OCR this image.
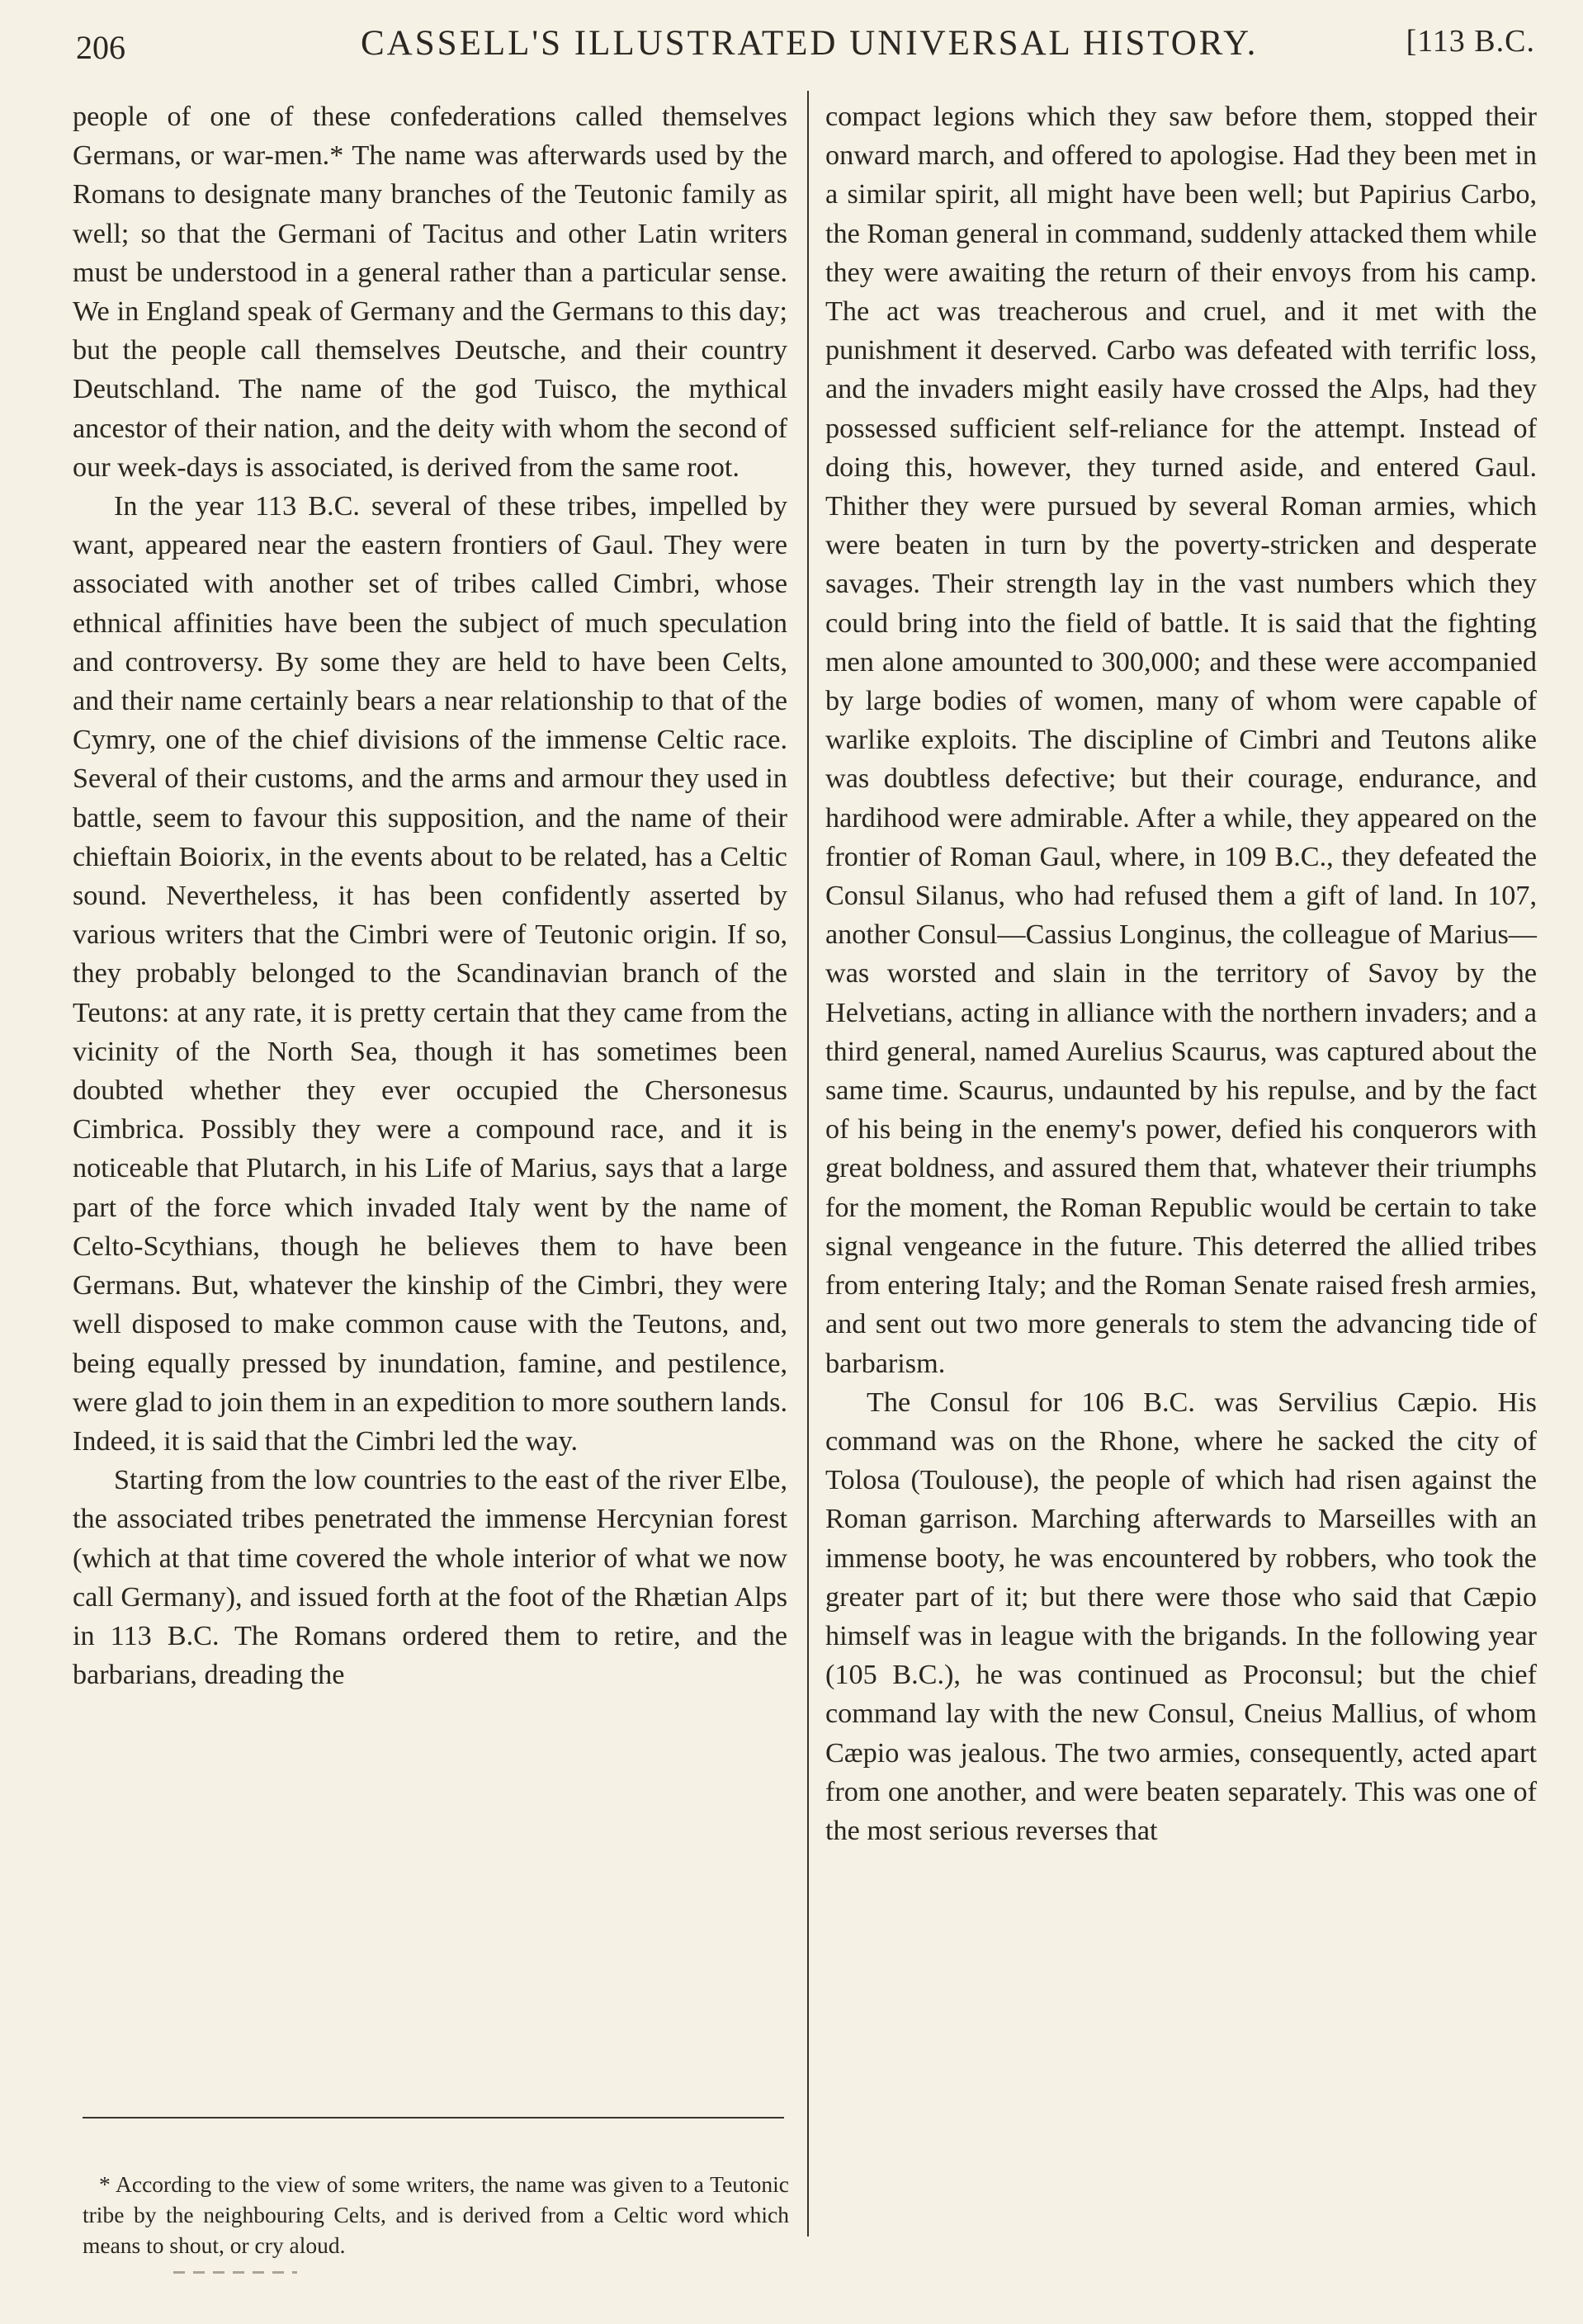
206	CASSELL'S ILLUSTRATED UNIVERSAL HISTORY.	[113 B.C.

people of one of these confederations called themselves Germans, or war-men.* The name was afterwards used by the Romans to designate many branches of the Teutonic family as well; so that the Germani of Tacitus and other Latin writers must be understood in a general rather than a particular sense. We in England speak of Germany and the Germans to this day; but the people call themselves Deutsche, and their country Deutschland. The name of the god Tuisco, the mythical ancestor of their nation, and the deity with whom the second of our week-days is associated, is derived from the same root.

In the year 113 B.C. several of these tribes, impelled by want, appeared near the eastern frontiers of Gaul. They were associated with another set of tribes called Cimbri, whose ethnical affinities have been the subject of much speculation and controversy. By some they are held to have been Celts, and their name certainly bears a near relationship to that of the Cymry, one of the chief divisions of the immense Celtic race. Several of their customs, and the arms and armour they used in battle, seem to favour this supposition, and the name of their chieftain Boiorix, in the events about to be related, has a Celtic sound. Nevertheless, it has been confidently asserted by various writers that the Cimbri were of Teutonic origin. If so, they probably belonged to the Scandinavian branch of the Teutons: at any rate, it is pretty certain that they came from the vicinity of the North Sea, though it has sometimes been doubted whether they ever occupied the Chersonesus Cimbrica. Possibly they were a compound race, and it is noticeable that Plutarch, in his Life of Marius, says that a large part of the force which invaded Italy went by the name of Celto-Scythians, though he believes them to have been Germans. But, whatever the kinship of the Cimbri, they were well disposed to make common cause with the Teutons, and, being equally pressed by inundation, famine, and pestilence, were glad to join them in an expedition to more southern lands. Indeed, it is said that the Cimbri led the way.

Starting from the low countries to the east of the river Elbe, the associated tribes penetrated the immense Hercynian forest (which at that time covered the whole interior of what we now call Germany), and issued forth at the foot of the Rhætian Alps in 113 B.C. The Romans ordered them to retire, and the barbarians, dreading the

compact legions which they saw before them, stopped their onward march, and offered to apologise. Had they been met in a similar spirit, all might have been well; but Papirius Carbo, the Roman general in command, suddenly attacked them while they were awaiting the return of their envoys from his camp. The act was treacherous and cruel, and it met with the punishment it deserved. Carbo was defeated with terrific loss, and the invaders might easily have crossed the Alps, had they possessed sufficient self-reliance for the attempt. Instead of doing this, however, they turned aside, and entered Gaul. Thither they were pursued by several Roman armies, which were beaten in turn by the poverty-stricken and desperate savages. Their strength lay in the vast numbers which they could bring into the field of battle. It is said that the fighting men alone amounted to 300,000; and these were accompanied by large bodies of women, many of whom were capable of warlike exploits. The discipline of Cimbri and Teutons alike was doubtless defective; but their courage, endurance, and hardihood were admirable. After a while, they appeared on the frontier of Roman Gaul, where, in 109 B.C., they defeated the Consul Silanus, who had refused them a gift of land. In 107, another Consul—Cassius Longinus, the colleague of Marius—was worsted and slain in the territory of Savoy by the Helvetians, acting in alliance with the northern invaders; and a third general, named Aurelius Scaurus, was captured about the same time. Scaurus, undaunted by his repulse, and by the fact of his being in the enemy's power, defied his conquerors with great boldness, and assured them that, whatever their triumphs for the moment, the Roman Republic would be certain to take signal vengeance in the future. This deterred the allied tribes from entering Italy; and the Roman Senate raised fresh armies, and sent out two more generals to stem the advancing tide of barbarism.

The Consul for 106 B.C. was Servilius Cæpio. His command was on the Rhone, where he sacked the city of Tolosa (Toulouse), the people of which had risen against the Roman garrison. Marching afterwards to Marseilles with an immense booty, he was encountered by robbers, who took the greater part of it; but there were those who said that Cæpio himself was in league with the brigands. In the following year (105 B.C.), he was continued as Proconsul; but the chief command lay with the new Consul, Cneius Mallius, of whom Cæpio was jealous. The two armies, consequently, acted apart from one another, and were beaten separately. This was one of the most serious reverses that

* According to the view of some writers, the name was given to a Teutonic tribe by the neighbouring Celts, and is derived from a Celtic word which means to shout, or cry aloud.
